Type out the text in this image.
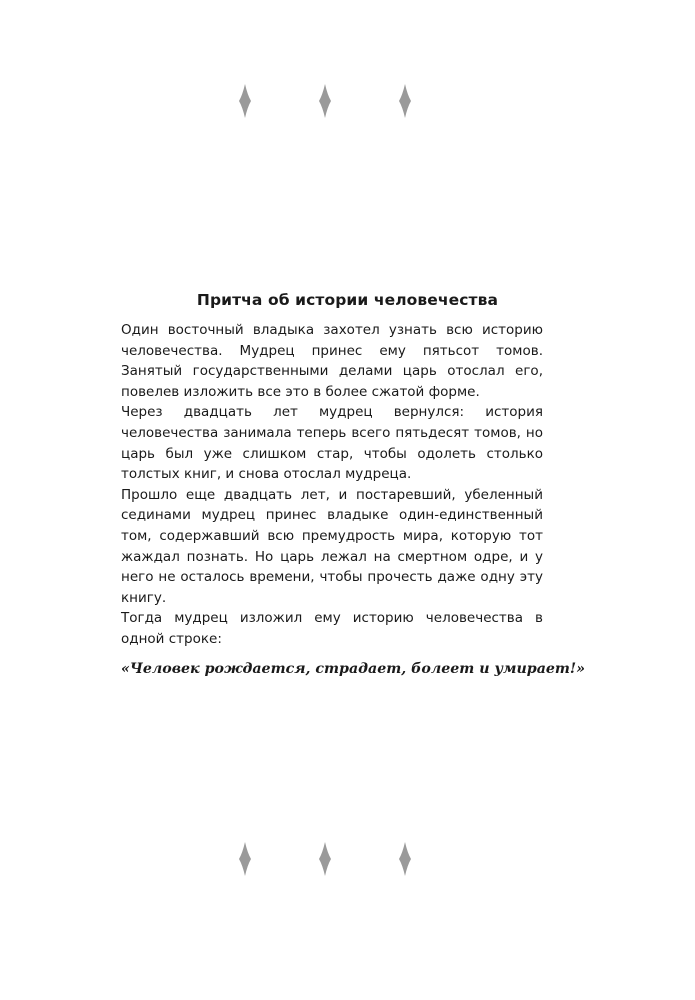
Притча об истории человечества

Один восточный владыка захотел узнать всю историю человечества. Мудрец принес ему пятьсот томов. Занятый государственными делами царь отослал его, повелев изложить все это в более сжатой форме.

Через двадцать лет мудрец вернулся: история человечества занимала теперь всего пятьдесят томов, но царь был уже слишком стар, чтобы одолеть столько толстых книг, и снова отослал мудреца.

Прошло еще двадцать лет, и постаревший, убеленный сединами мудрец принес владыке один-единственный том, содержавший всю премудрость мира, которую тот жаждал познать. Но царь лежал на смертном одре, и у него не осталось времени, чтобы прочесть даже одну эту книгу.

Тогда мудрец изложил ему историю человечества в одной строке:

«Человек рождается, страдает, болеет и умирает!»
